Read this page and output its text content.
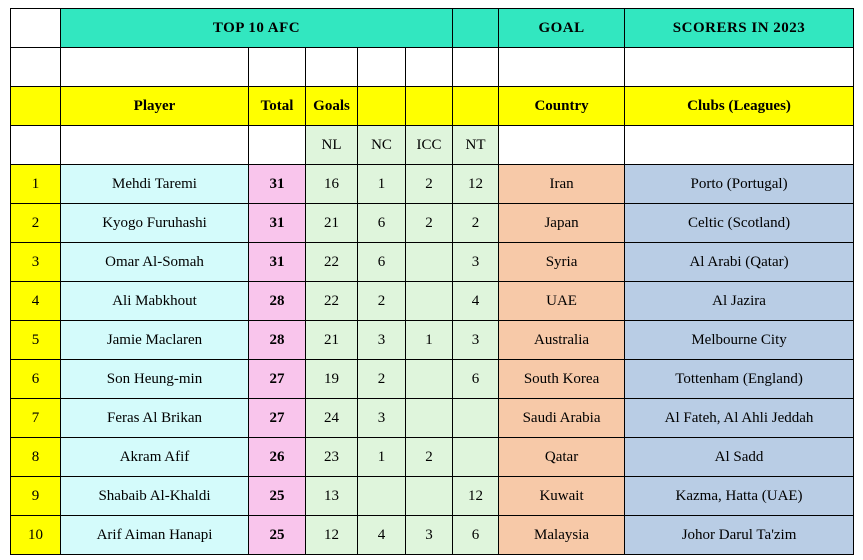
	TOP 10 AFC						GOAL	SCORERS IN 2023

	Player	Total	Goals				Country	Clubs (Leagues)
			NL	NC	ICC	NT		
1	Mehdi Taremi	31	16	1	2	12	Iran	Porto (Portugal)
2	Kyogo Furuhashi	31	21	6	2	2	Japan	Celtic (Scotland)
3	Omar Al-Somah	31	22	6		3	Syria	Al Arabi (Qatar)
4	Ali Mabkhout	28	22	2		4	UAE	Al Jazira
5	Jamie Maclaren	28	21	3	1	3	Australia	Melbourne City
6	Son Heung-min	27	19	2		6	South Korea	Tottenham (England)
7	Feras Al Brikan	27	24	3			Saudi Arabia	Al Fateh, Al Ahli Jeddah
8	Akram Afif	26	23	1	2		Qatar	Al Sadd
9	Shabaib Al-Khaldi	25	13			12	Kuwait	Kazma, Hatta (UAE)
10	Arif Aiman Hanapi	25	12	4	3	6	Malaysia	Johor Darul Ta'zim
